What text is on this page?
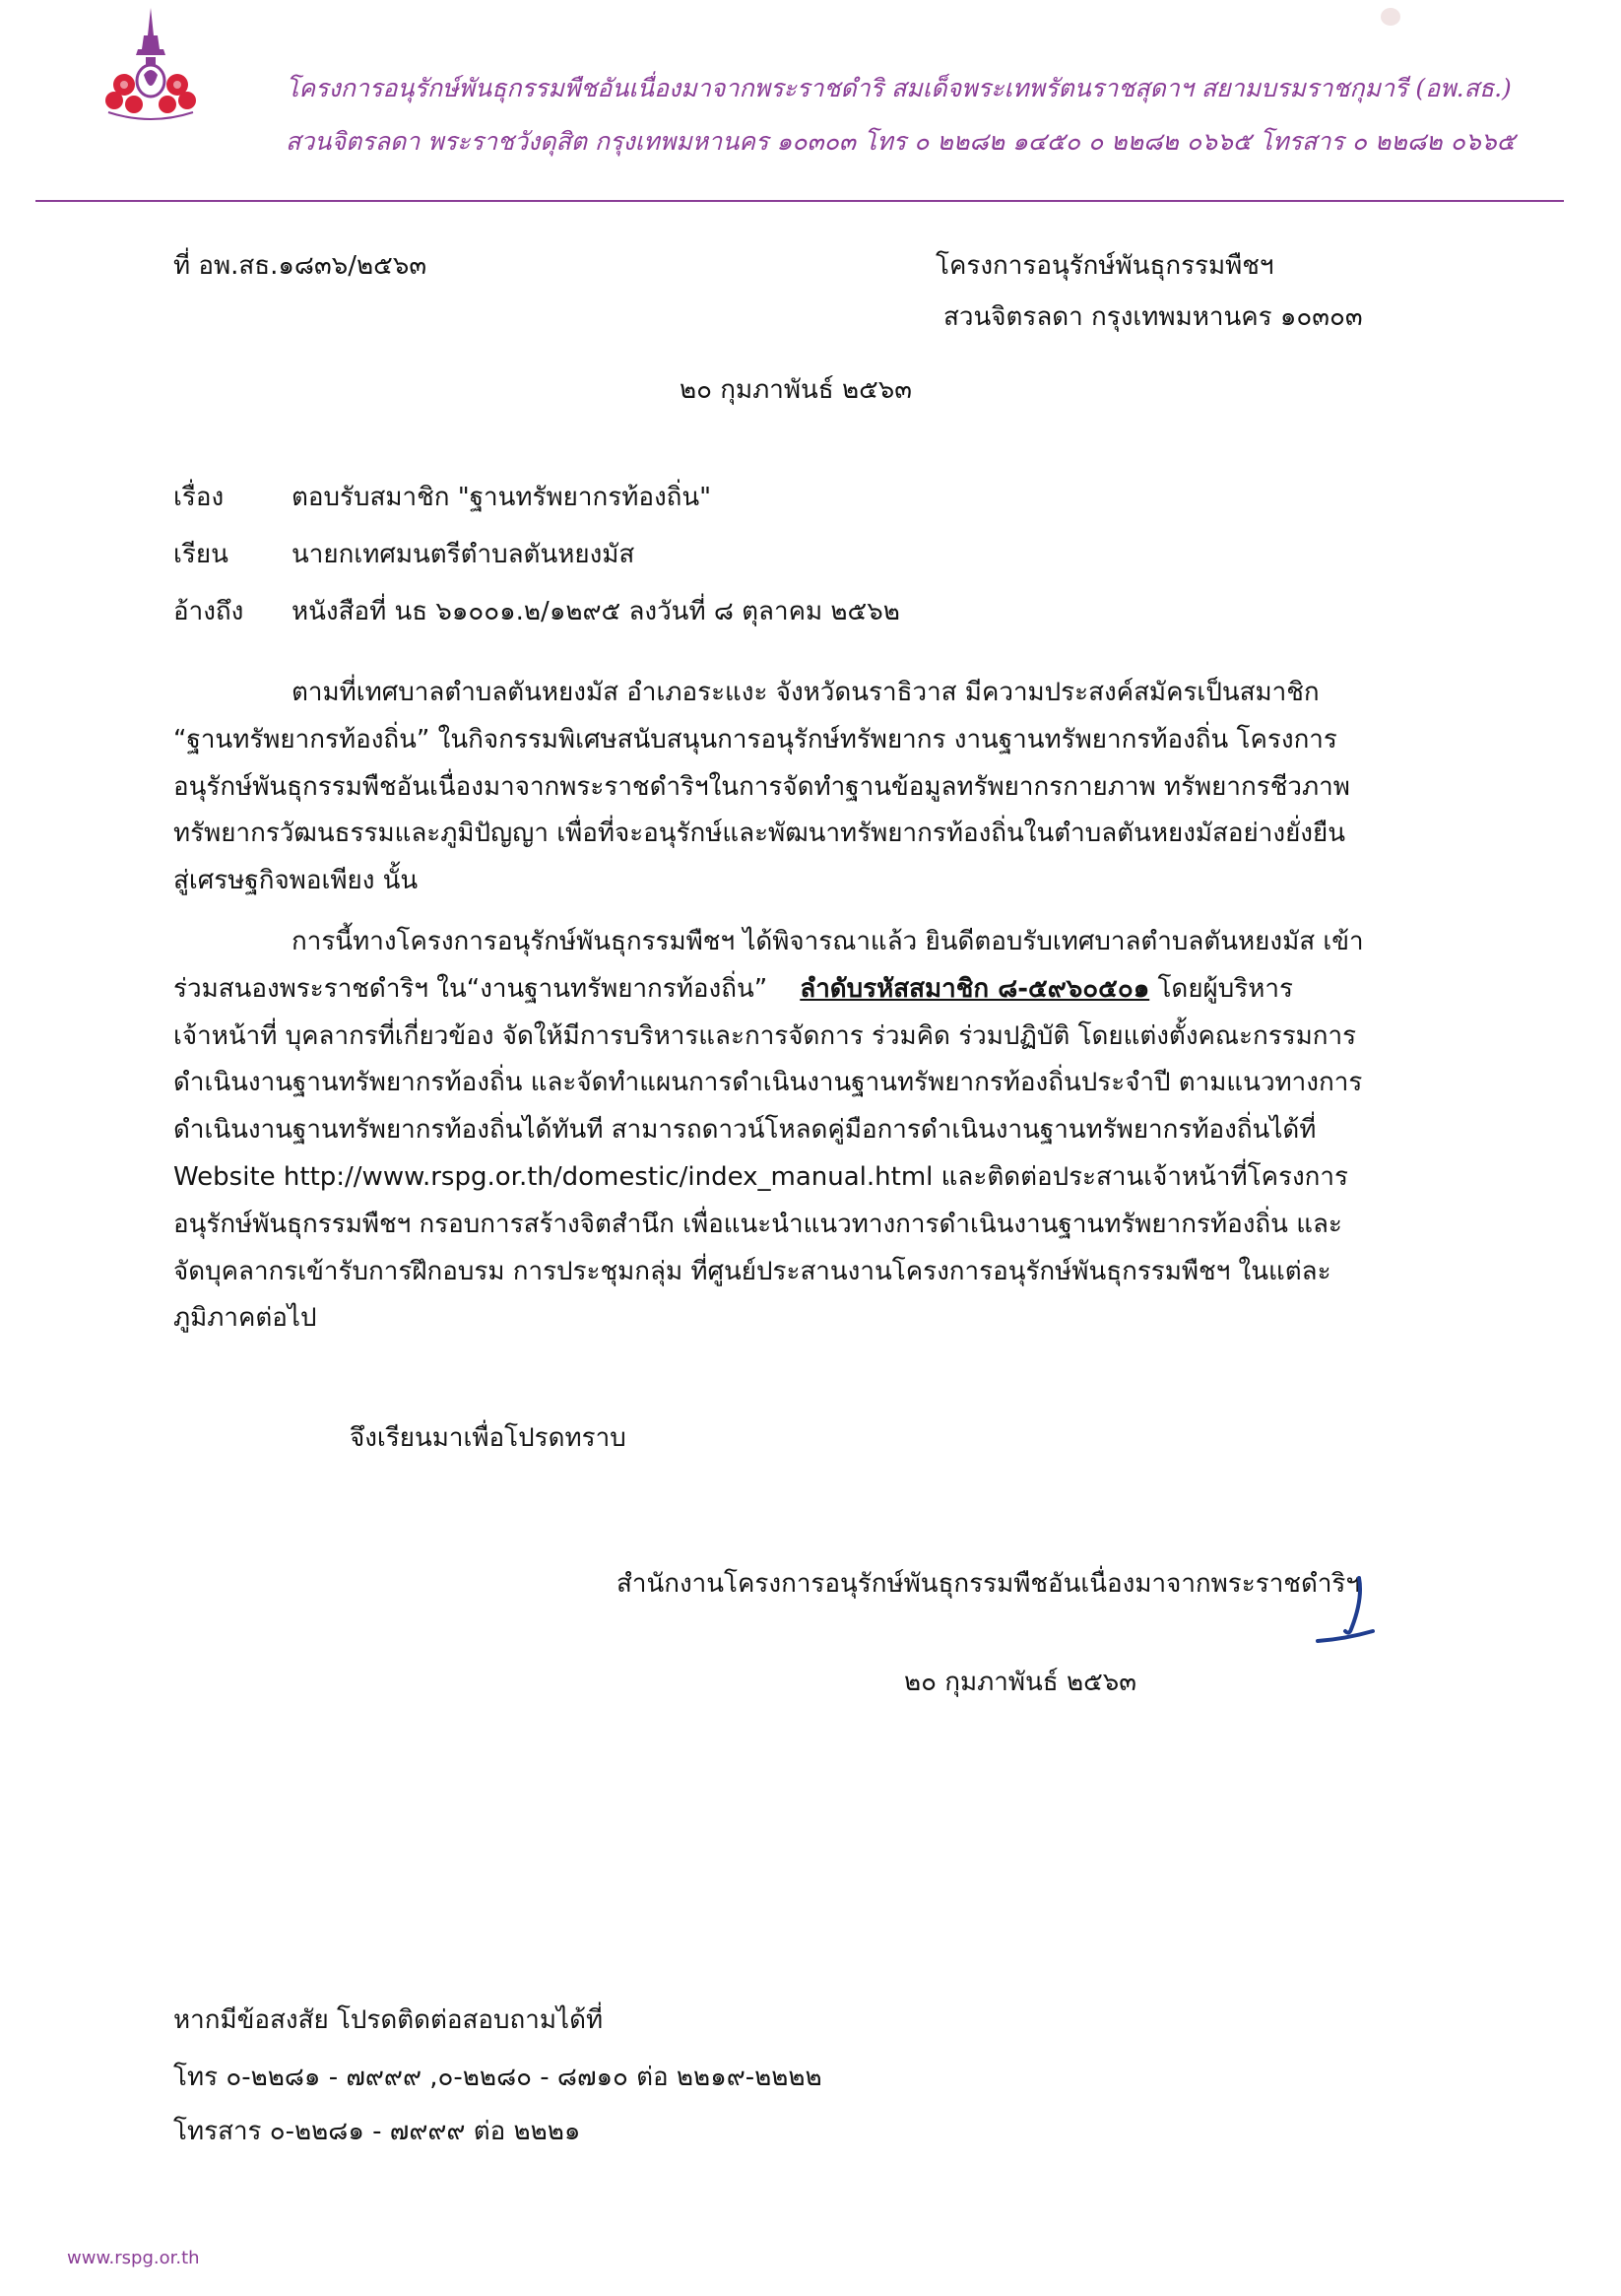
โครงการอนุรักษ์พันธุกรรมพืชอันเนื่องมาจากพระราชดำริ สมเด็จพระเทพรัตนราชสุดาฯ สยามบรมราชกุมารี (อพ.สธ.)
สวนจิตรลดา พระราชวังดุสิต กรุงเทพมหานคร ๑๐๓๐๓ โทร ๐ ๒๒๘๒ ๑๔๕๐ ๐ ๒๒๘๒ ๐๖๖๕ โทรสาร ๐ ๒๒๘๒ ๐๖๖๕
ที่ อพ.สธ.๑๘๓๖/๒๕๖๓	โครงการอนุรักษ์พันธุกรรมพืชฯ
สวนจิตรลดา กรุงเทพมหานคร ๑๐๓๐๓
๒๐ กุมภาพันธ์ ๒๕๖๓
เรื่อง	ตอบรับสมาชิก "ฐานทรัพยากรท้องถิ่น"
เรียน นายกเทศมนตรีตำบลตันหยงมัส
อ้างถึง หนังสือที่ นธ ๖๑๐๐๑.๒/๑๒๙๕ ลงวันที่ ๘ ตุลาคม ๒๕๖๒
ตามที่เทศบาลตำบลตันหยงมัส อำเภอระแงะ จังหวัดนราธิวาส มีความประสงค์สมัครเป็นสมาชิก
“ฐานทรัพยากรท้องถิ่น” ในกิจกรรมพิเศษสนับสนุนการอนุรักษ์ทรัพยากร งานฐานทรัพยากรท้องถิ่น โครงการ
อนุรักษ์พันธุกรรมพืชอันเนื่องมาจากพระราชดำริฯในการจัดทำฐานข้อมูลทรัพยากรกายภาพ ทรัพยากรชีวภาพ
ทรัพยากรวัฒนธรรมและภูมิปัญญา เพื่อที่จะอนุรักษ์และพัฒนาทรัพยากรท้องถิ่นในตำบลตันหยงมัสอย่างยั่งยืน
สู่เศรษฐกิจพอเพียง นั้น
การนี้ทางโครงการอนุรักษ์พันธุกรรมพืชฯ ได้พิจารณาแล้ว ยินดีตอบรับเทศบาลตำบลตันหยงมัส เข้า
ร่วมสนองพระราชดำริฯ ใน“งานฐานทรัพยากรท้องถิ่น” ลำดับรหัสสมาชิก ๘-๕๙๖๐๕๐๑ โดยผู้บริหาร
เจ้าหน้าที่ บุคลากรที่เกี่ยวข้อง จัดให้มีการบริหารและการจัดการ ร่วมคิด ร่วมปฏิบัติ โดยแต่งตั้งคณะกรรมการ
ดำเนินงานฐานทรัพยากรท้องถิ่น และจัดทำแผนการดำเนินงานฐานทรัพยากรท้องถิ่นประจำปี ตามแนวทางการ
ดำเนินงานฐานทรัพยากรท้องถิ่นได้ทันที สามารถดาวน์โหลดคู่มือการดำเนินงานฐานทรัพยากรท้องถิ่นได้ที่
Website http://www.rspg.or.th/domestic/index_manual.html และติดต่อประสานเจ้าหน้าที่โครงการ
อนุรักษ์พันธุกรรมพืชฯ กรอบการสร้างจิตสำนึก เพื่อแนะนำแนวทางการดำเนินงานฐานทรัพยากรท้องถิ่น และ
จัดบุคลากรเข้ารับการฝึกอบรม การประชุมกลุ่ม ที่ศูนย์ประสานงานโครงการอนุรักษ์พันธุกรรมพืชฯ ในแต่ละ
ภูมิภาคต่อไป
จึงเรียนมาเพื่อโปรดทราบ
สำนักงานโครงการอนุรักษ์พันธุกรรมพืชอันเนื่องมาจากพระราชดำริฯ
๒๐ กุมภาพันธ์ ๒๕๖๓
หากมีข้อสงสัย โปรดติดต่อสอบถามได้ที่
โทร ๐-๒๒๘๑ - ๗๙๙๙ ,๐-๒๒๘๐ - ๘๗๑๐ ต่อ ๒๒๑๙-๒๒๒๒
โทรสาร ๐-๒๒๘๑ - ๗๙๙๙ ต่อ ๒๒๒๑
www.rspg.or.th
